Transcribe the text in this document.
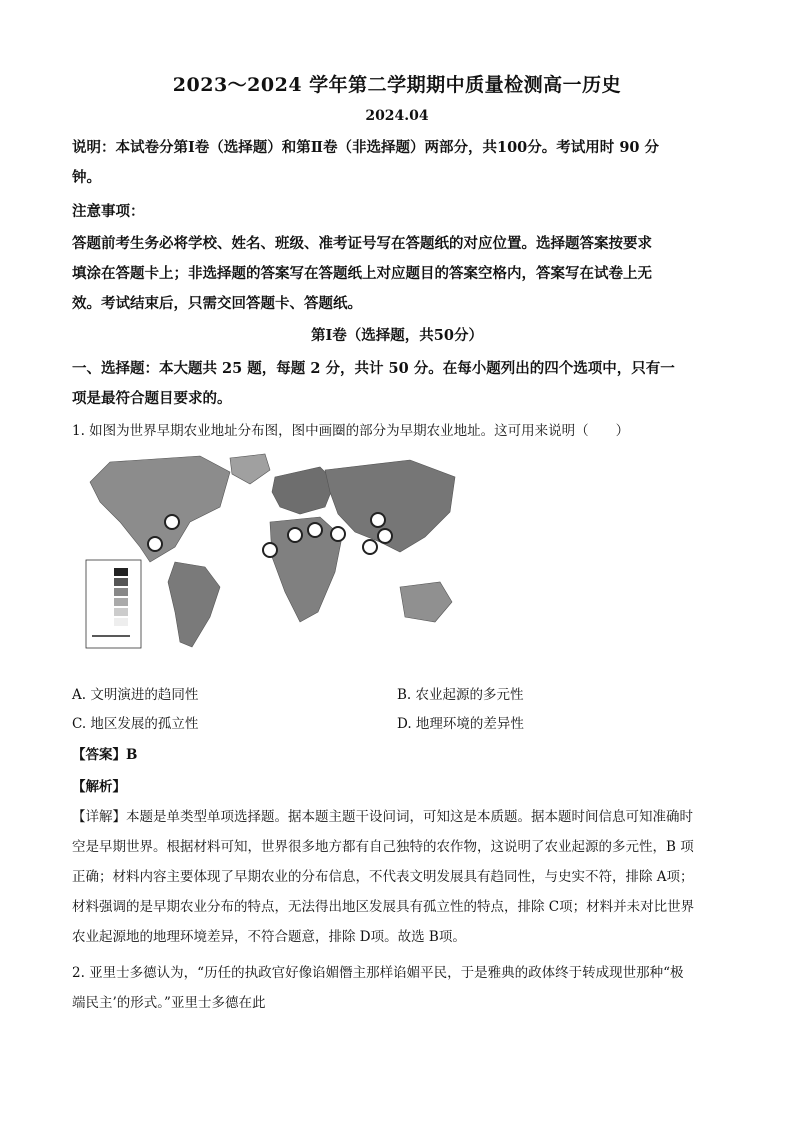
2023～2024 学年第二学期期中质量检测高一历史
2024.04
说明：本试卷分第Ⅰ卷（选择题）和第Ⅱ卷（非选择题）两部分，共100分。考试用时 90 分
钟。
注意事项：
答题前考生务必将学校、姓名、班级、准考证号写在答题纸的对应位置。选择题答案按要求
填涂在答题卡上；非选择题的答案写在答题纸上对应题目的答案空格内，答案写在试卷上无
效。考试结束后，只需交回答题卡、答题纸。
第Ⅰ卷（选择题，共50分）
一、选择题：本大题共 25 题，每题 2 分，共计 50 分。在每小题列出的四个选项中，只有一
项是最符合题目要求的。
1. 如图为世界早期农业地址分布图，图中画圈的部分为早期农业地址。这可用来说明（　　）
A. 文明演进的趋同性	B. 农业起源的多元性
C. 地区发展的孤立性	D. 地理环境的差异性
【答案】B
【解析】
【详解】本题是单类型单项选择题。据本题主题干设问词，可知这是本质题。据本题时间信息可知准确时
空是早期世界。根据材料可知，世界很多地方都有自己独特的农作物，这说明了农业起源的多元性，B 项
正确；材料内容主要体现了早期农业的分布信息，不代表文明发展具有趋同性，与史实不符，排除 A项；
材料强调的是早期农业分布的特点，无法得出地区发展具有孤立性的特点，排除 C项；材料并未对比世界
农业起源地的地理环境差异，不符合题意，排除 D项。故选 B项。
2. 亚里士多德认为，“历任的执政官好像谄媚僭主那样谄媚平民，于是雅典的政体终于转成现世那种“极
端民主’的形式。”亚里士多德在此
